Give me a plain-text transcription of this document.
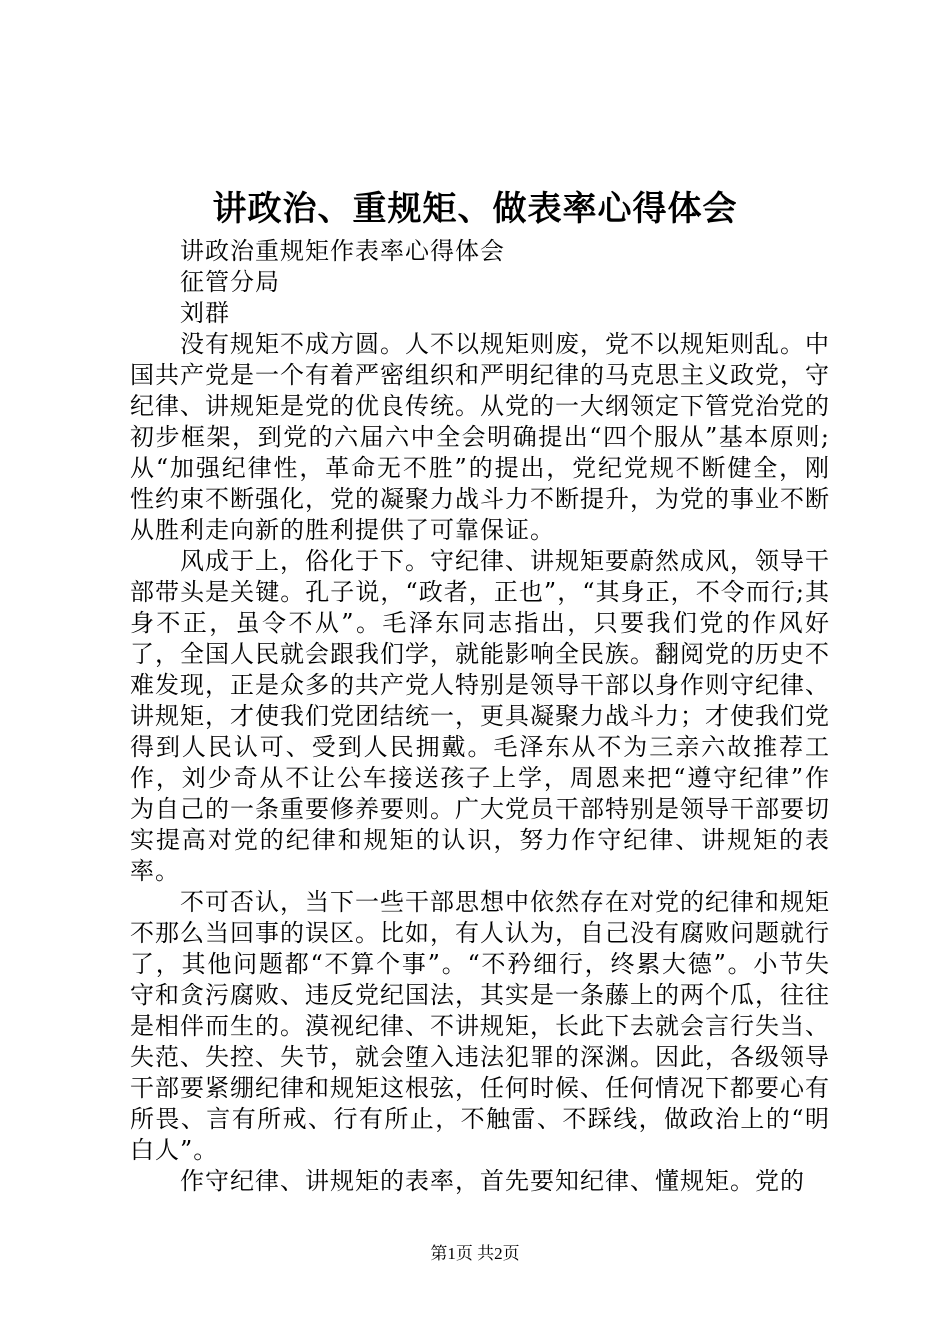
讲政治、重规矩、做表率心得体会

讲政治重规矩作表率心得体会

征管分局

刘群

没有规矩不成方圆。人不以规矩则废，党不以规矩则乱。中国共产党是一个有着严密组织和严明纪律的马克思主义政党，守纪律、讲规矩是党的优良传统。从党的一大纲领定下管党治党的初步框架，到党的六届六中全会明确提出“四个服从”基本原则;从“加强纪律性，革命无不胜”的提出，党纪党规不断健全，刚性约束不断强化，党的凝聚力战斗力不断提升，为党的事业不断从胜利走向新的胜利提供了可靠保证。

风成于上，俗化于下。守纪律、讲规矩要蔚然成风，领导干部带头是关键。孔子说，“政者，正也”，“其身正，不令而行;其身不正，虽令不从”。毛泽东同志指出，只要我们党的作风好了，全国人民就会跟我们学，就能影响全民族。翻阅党的历史不难发现，正是众多的共产党人特别是领导干部以身作则守纪律、讲规矩，才使我们党团结统一，更具凝聚力战斗力；才使我们党得到人民认可、受到人民拥戴。毛泽东从不为三亲六故推荐工作，刘少奇从不让公车接送孩子上学，周恩来把“遵守纪律”作为自己的一条重要修养要则。广大党员干部特别是领导干部要切实提高对党的纪律和规矩的认识，努力作守纪律、讲规矩的表率。

不可否认，当下一些干部思想中依然存在对党的纪律和规矩不那么当回事的误区。比如，有人认为，自己没有腐败问题就行了，其他问题都“不算个事”。“不矜细行，终累大德”。小节失守和贪污腐败、违反党纪国法，其实是一条藤上的两个瓜，往往是相伴而生的。漠视纪律、不讲规矩，长此下去就会言行失当、失范、失控、失节，就会堕入违法犯罪的深渊。因此，各级领导干部要紧绷纪律和规矩这根弦，任何时候、任何情况下都要心有所畏、言有所戒、行有所止，不触雷、不踩线，做政治上的“明白人”。

作守纪律、讲规矩的表率，首先要知纪律、懂规矩。党的

第1页 共2页
